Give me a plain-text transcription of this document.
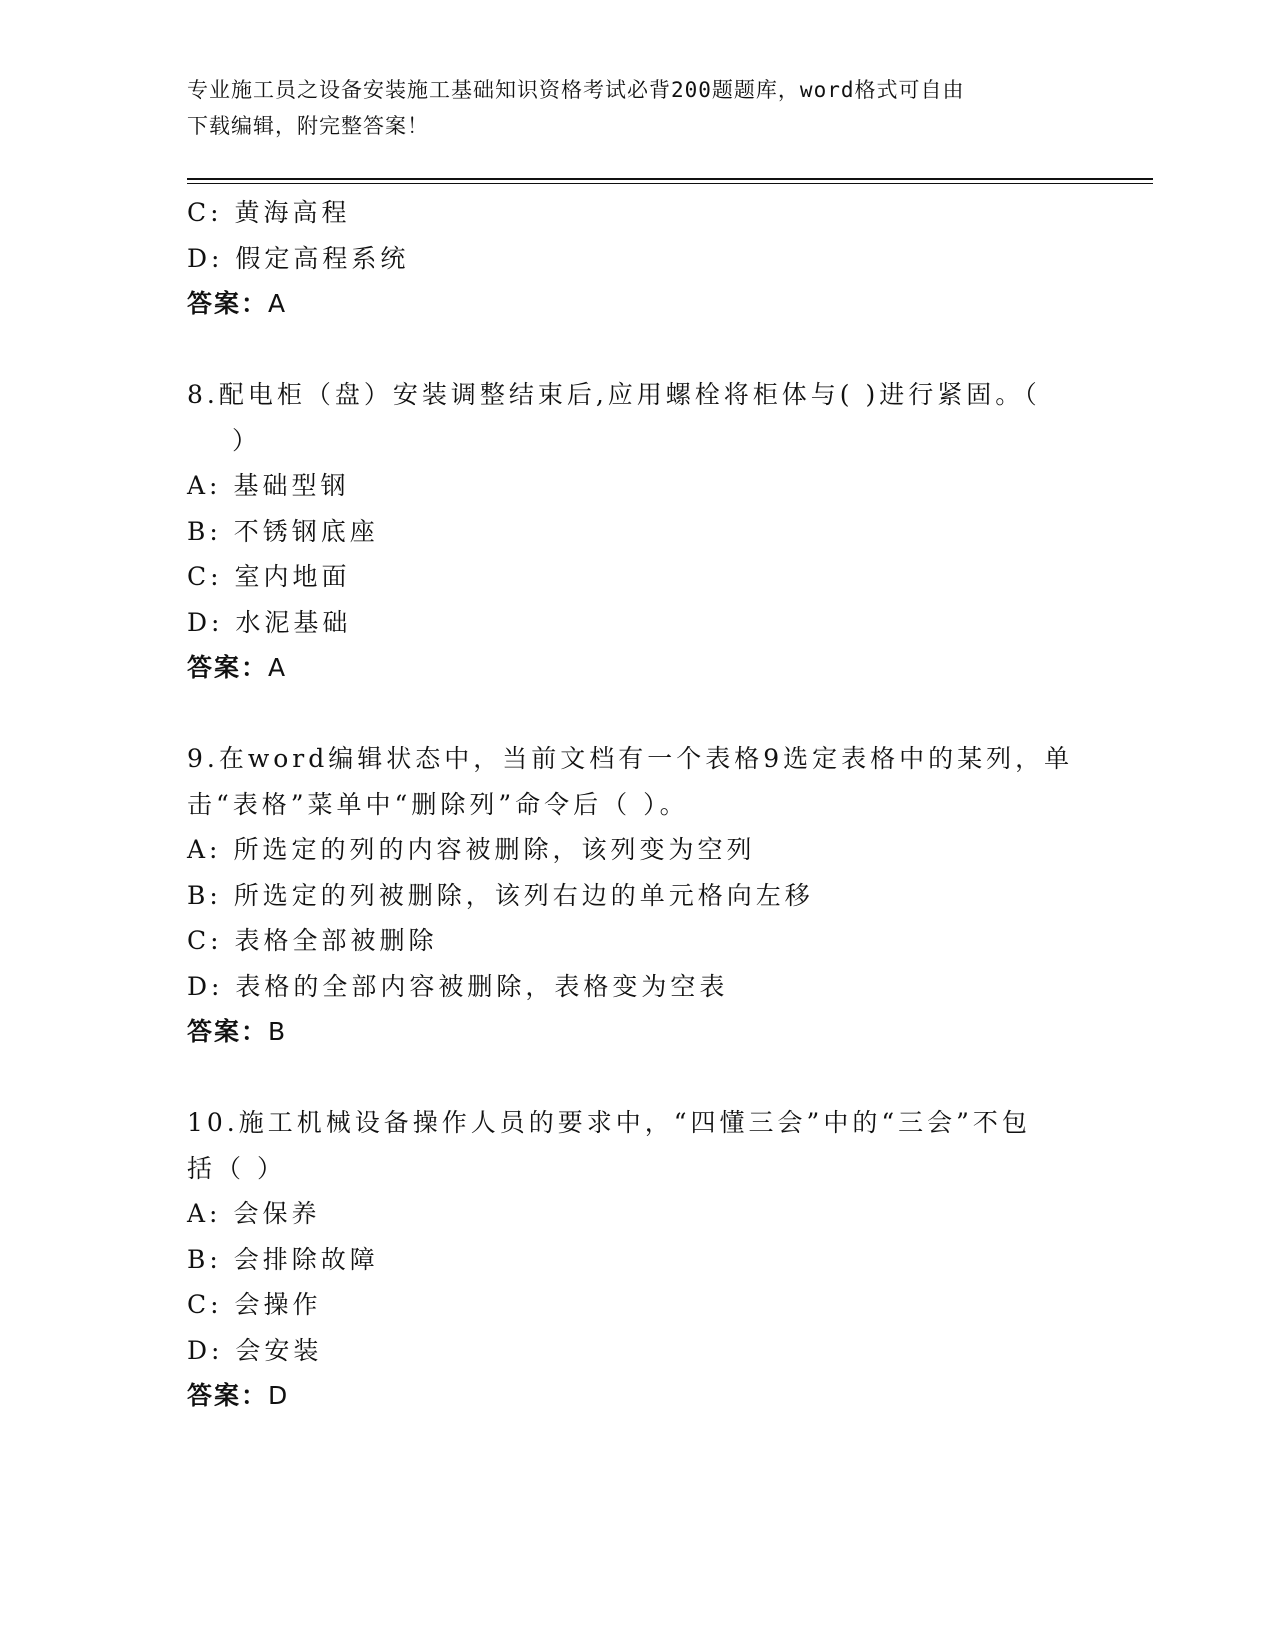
专业施工员之设备安装施工基础知识资格考试必背200题题库，word格式可自由
下载编辑，附完整答案！
C: 黄海高程
D: 假定高程系统
答案：A
8.配电柜（盘）安装调整结束后,应用螺栓将柜体与( )进行紧固。（
）
A: 基础型钢
B: 不锈钢底座
C: 室内地面
D: 水泥基础
答案：A
9.在word编辑状态中，当前文档有一个表格9选定表格中的某列，单
击“表格”菜单中“删除列”命令后（ ）。
A: 所选定的列的内容被删除，该列变为空列
B: 所选定的列被删除，该列右边的单元格向左移
C: 表格全部被删除
D: 表格的全部内容被删除，表格变为空表
答案：B
10.施工机械设备操作人员的要求中，“四懂三会”中的“三会”不包
括（ ）
A: 会保养
B: 会排除故障
C: 会操作
D: 会安装
答案：D
